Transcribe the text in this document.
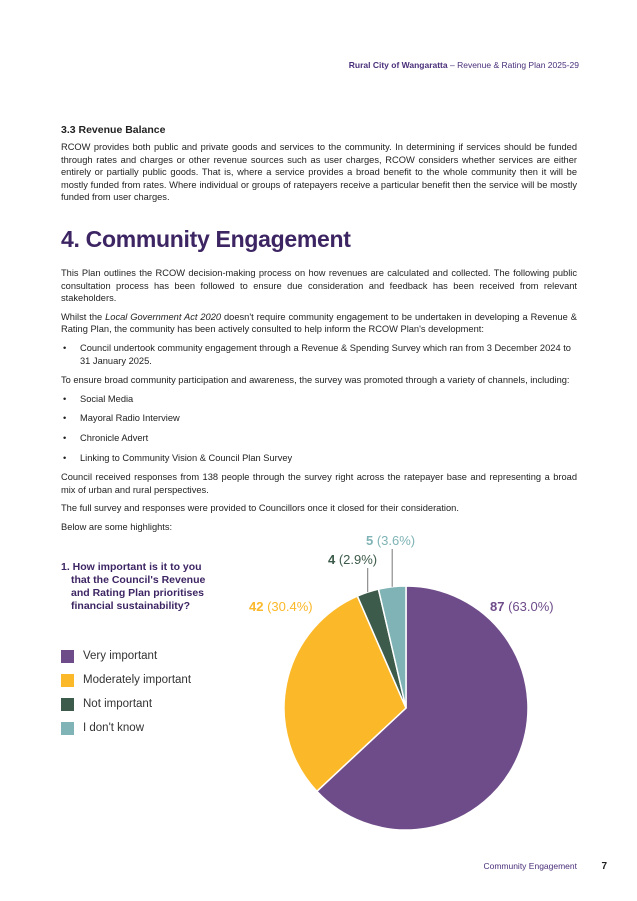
Rural City of Wangaratta – Revenue & Rating Plan 2025-29
3.3 Revenue Balance

RCOW provides both public and private goods and services to the community. In determining if services should be funded through rates and charges or other revenue sources such as user charges, RCOW considers whether services are either entirely or partially public goods. That is, where a service provides a broad benefit to the whole community then it will be mostly funded from rates. Where individual or groups of ratepayers receive a particular benefit then the service will be mostly funded from user charges.

4. Community Engagement

This Plan outlines the RCOW decision-making process on how revenues are calculated and collected. The following public consultation process has been followed to ensure due consideration and feedback has been received from relevant stakeholders.

Whilst the Local Government Act 2020 doesn't require community engagement to be undertaken in developing a Revenue & Rating Plan, the community has been actively consulted to help inform the RCOW Plan's development:

• Council undertook community engagement through a Revenue & Spending Survey which ran from 3 December 2024 to 31 January 2025.

To ensure broad community participation and awareness, the survey was promoted through a variety of channels, including:

• Social Media
• Mayoral Radio Interview
• Chronicle Advert
• Linking to Community Vision & Council Plan Survey

Council received responses from 138 people through the survey right across the ratepayer base and representing a broad mix of urban and rural perspectives.

The full survey and responses were provided to Councillors once it closed for their consideration.

Below are some highlights:

1. How important is it to you
that the Council's Revenue
and Rating Plan prioritises
financial sustainability?
Very important
Moderately important
Not important
I don't know
87 (63.0%)
42 (30.4%)
4 (2.9%)
5 (3.6%)
Community Engagement 7
